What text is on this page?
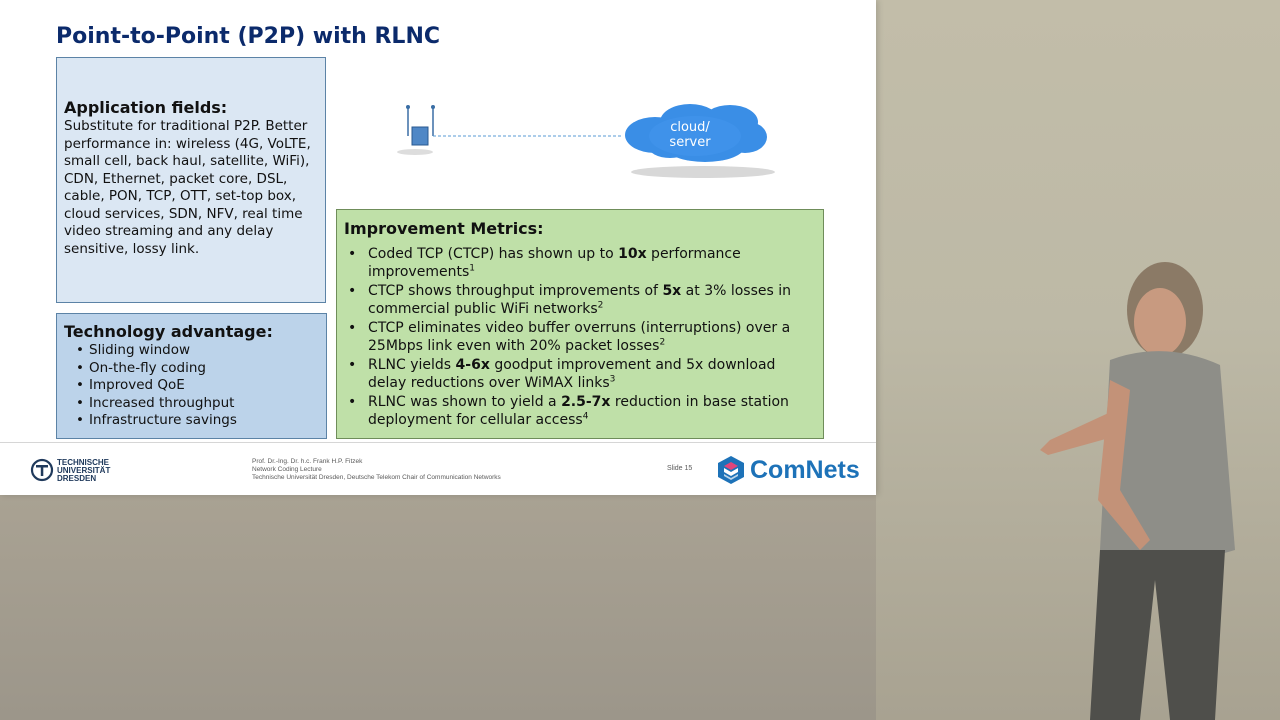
Point-to-Point (P2P) with RLNC
Application fields:
Substitute for traditional P2P. Better performance in: wireless (4G, VoLTE, small cell, back haul, satellite, WiFi), CDN, Ethernet, packet core, DSL, cable, PON, TCP, OTT, set-top box, cloud services, SDN, NFV, real time video streaming and any delay sensitive, lossy link.
Technology advantage:
• Sliding window
• On-the-fly coding
• Improved QoE
• Increased throughput
• Infrastructure savings
cloud/
server
Improvement Metrics:
• Coded TCP (CTCP) has shown up to 10x performance improvements$^1$
• CTCP shows throughput improvements of 5x at 3% losses in commercial public WiFi networks$^2$
• CTCP eliminates video buffer overruns (interruptions) over a 25Mbps link even with 20% packet losses$^2$
• RLNC yields 4-6x goodput improvement and 5x download delay reductions over WiMAX links$^3$
• RLNC was shown to yield a 2.5-7x reduction in base station deployment for cellular access$^4$
TECHNISCHE
UNIVERSITÄT
DRESDEN
Prof. Dr.-Ing. Dr. h.c. Frank H.P. Fitzek
Network Coding Lecture
Technische Universität Dresden, Deutsche Telekom Chair of Communication Networks
Slide 15 ComNets
